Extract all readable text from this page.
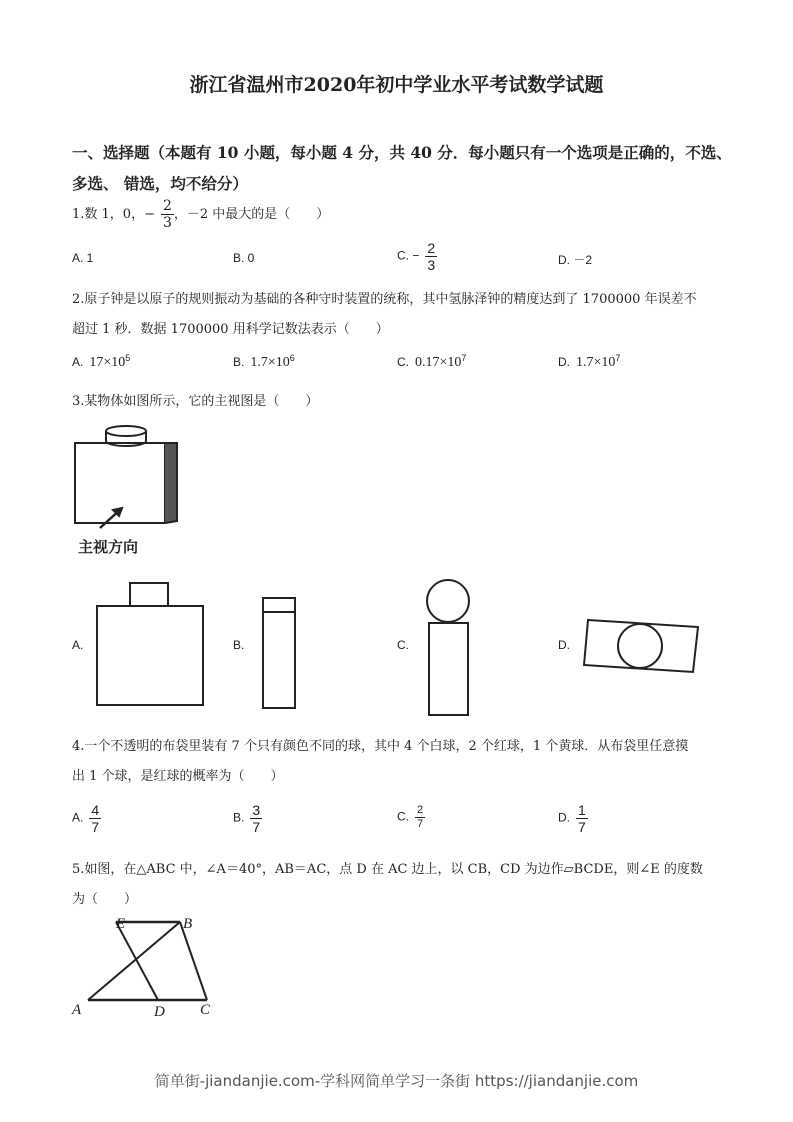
浙江省温州市2020年初中学业水平考试数学试题
一、选择题（本题有 10 小题，每小题 4 分，共 40 分．每小题只有一个选项是正确的，不选、
多选、 错选，均不给分）
1.数 1，0，− $\frac{2}{3}$ ，－2 中最大的是（　　）
A. 1	B. 0	C. − $\frac{2}{3}$	D. －2
2.原子钟是以原子的规则振动为基础的各种守时装置的统称，其中氢脉泽钟的精度达到了 1700000 年误差不
超过 1 秒．数据 1700000 用科学记数法表示（　　）
A. $17\times 10^5$	B. $1.7\times 10^6$	C. $0.17\times 10^7$	D. $1.7\times 10^7$
3.某物体如图所示，它的主视图是（　　）
主视方向
A.	B.	C.	D.
4.一个不透明的布袋里装有 7 个只有颜色不同的球，其中 4 个白球，2 个红球，1 个黄球．从布袋里任意摸
出 1 个球，是红球的概率为（　　）
A. $\frac{4}{7}$	B. $\frac{3}{7}$	C. $\frac{2}{7}$	D. $\frac{1}{7}$
5.如图，在△ABC 中，∠A＝40°，AB＝AC，点 D 在 AC 边上，以 CB，CD 为边作▱BCDE，则∠E 的度数
为（　　）
E	B
A	D C
简单街-jiandanjie.com-学科网简单学习一条街 https://jiandanjie.com
